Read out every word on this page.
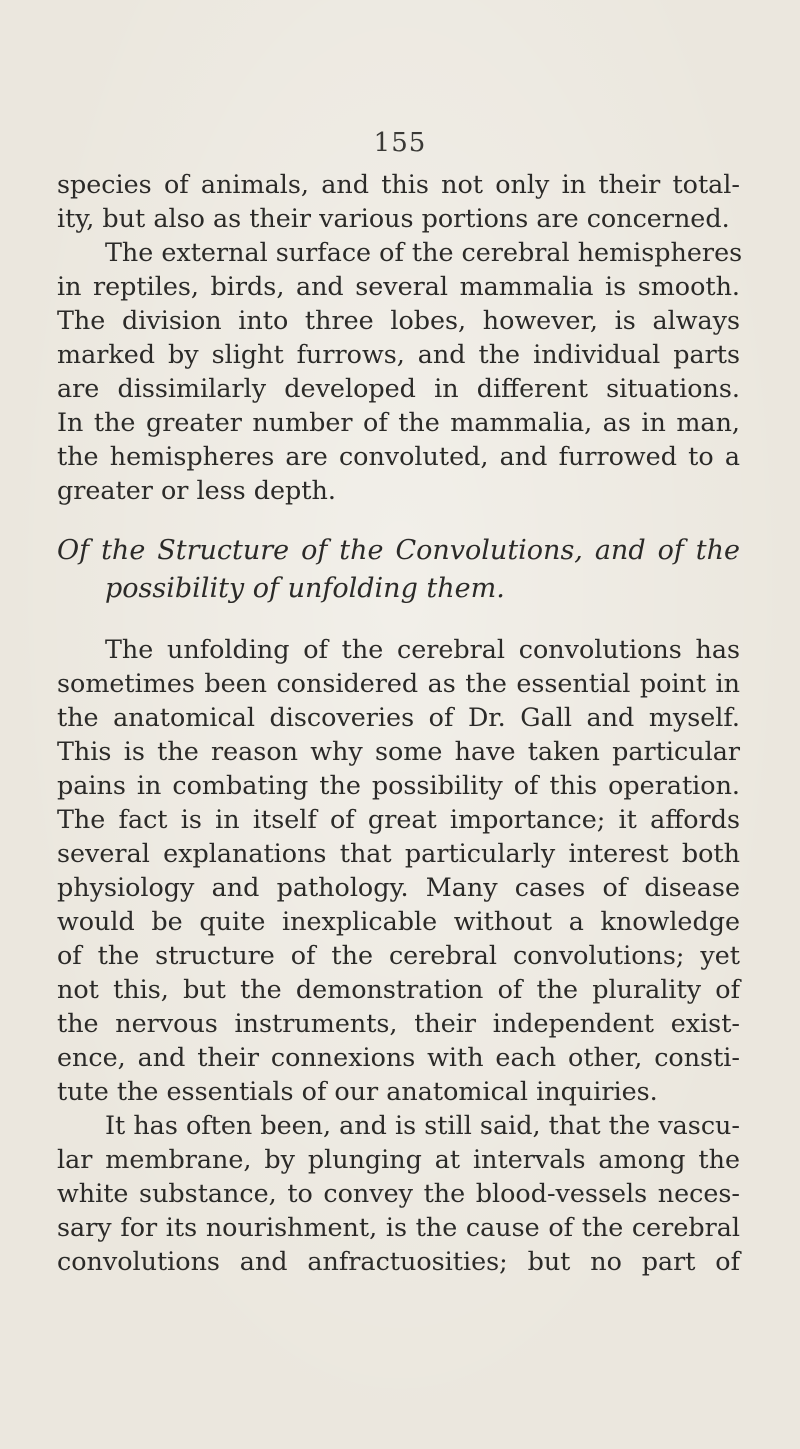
155
species of animals, and this not only in their total-
ity, but also as their various portions are concerned.
The external surface of the cerebral hemispheres
in reptiles, birds, and several mammalia is smooth.
The division into three lobes, however, is always
marked by slight furrows, and the individual parts
are dissimilarly developed in different situations.
In the greater number of the mammalia, as in man,
the hemispheres are convoluted, and furrowed to a
greater or less depth.
Of the Structure of the Convolutions, and of the
possibility of unfolding them.
The unfolding of the cerebral convolutions has
sometimes been considered as the essential point in
the anatomical discoveries of Dr. Gall and myself.
This is the reason why some have taken particular
pains in combating the possibility of this operation.
The fact is in itself of great importance; it affords
several explanations that particularly interest both
physiology and pathology. Many cases of disease
would be quite inexplicable without a knowledge
of the structure of the cerebral convolutions; yet
not this, but the demonstration of the plurality of
the nervous instruments, their independent exist-
ence, and their connexions with each other, consti-
tute the essentials of our anatomical inquiries.
It has often been, and is still said, that the vascu-
lar membrane, by plunging at intervals among the
white substance, to convey the blood-vessels neces-
sary for its nourishment, is the cause of the cerebral
convolutions and anfractuosities; but no part of
